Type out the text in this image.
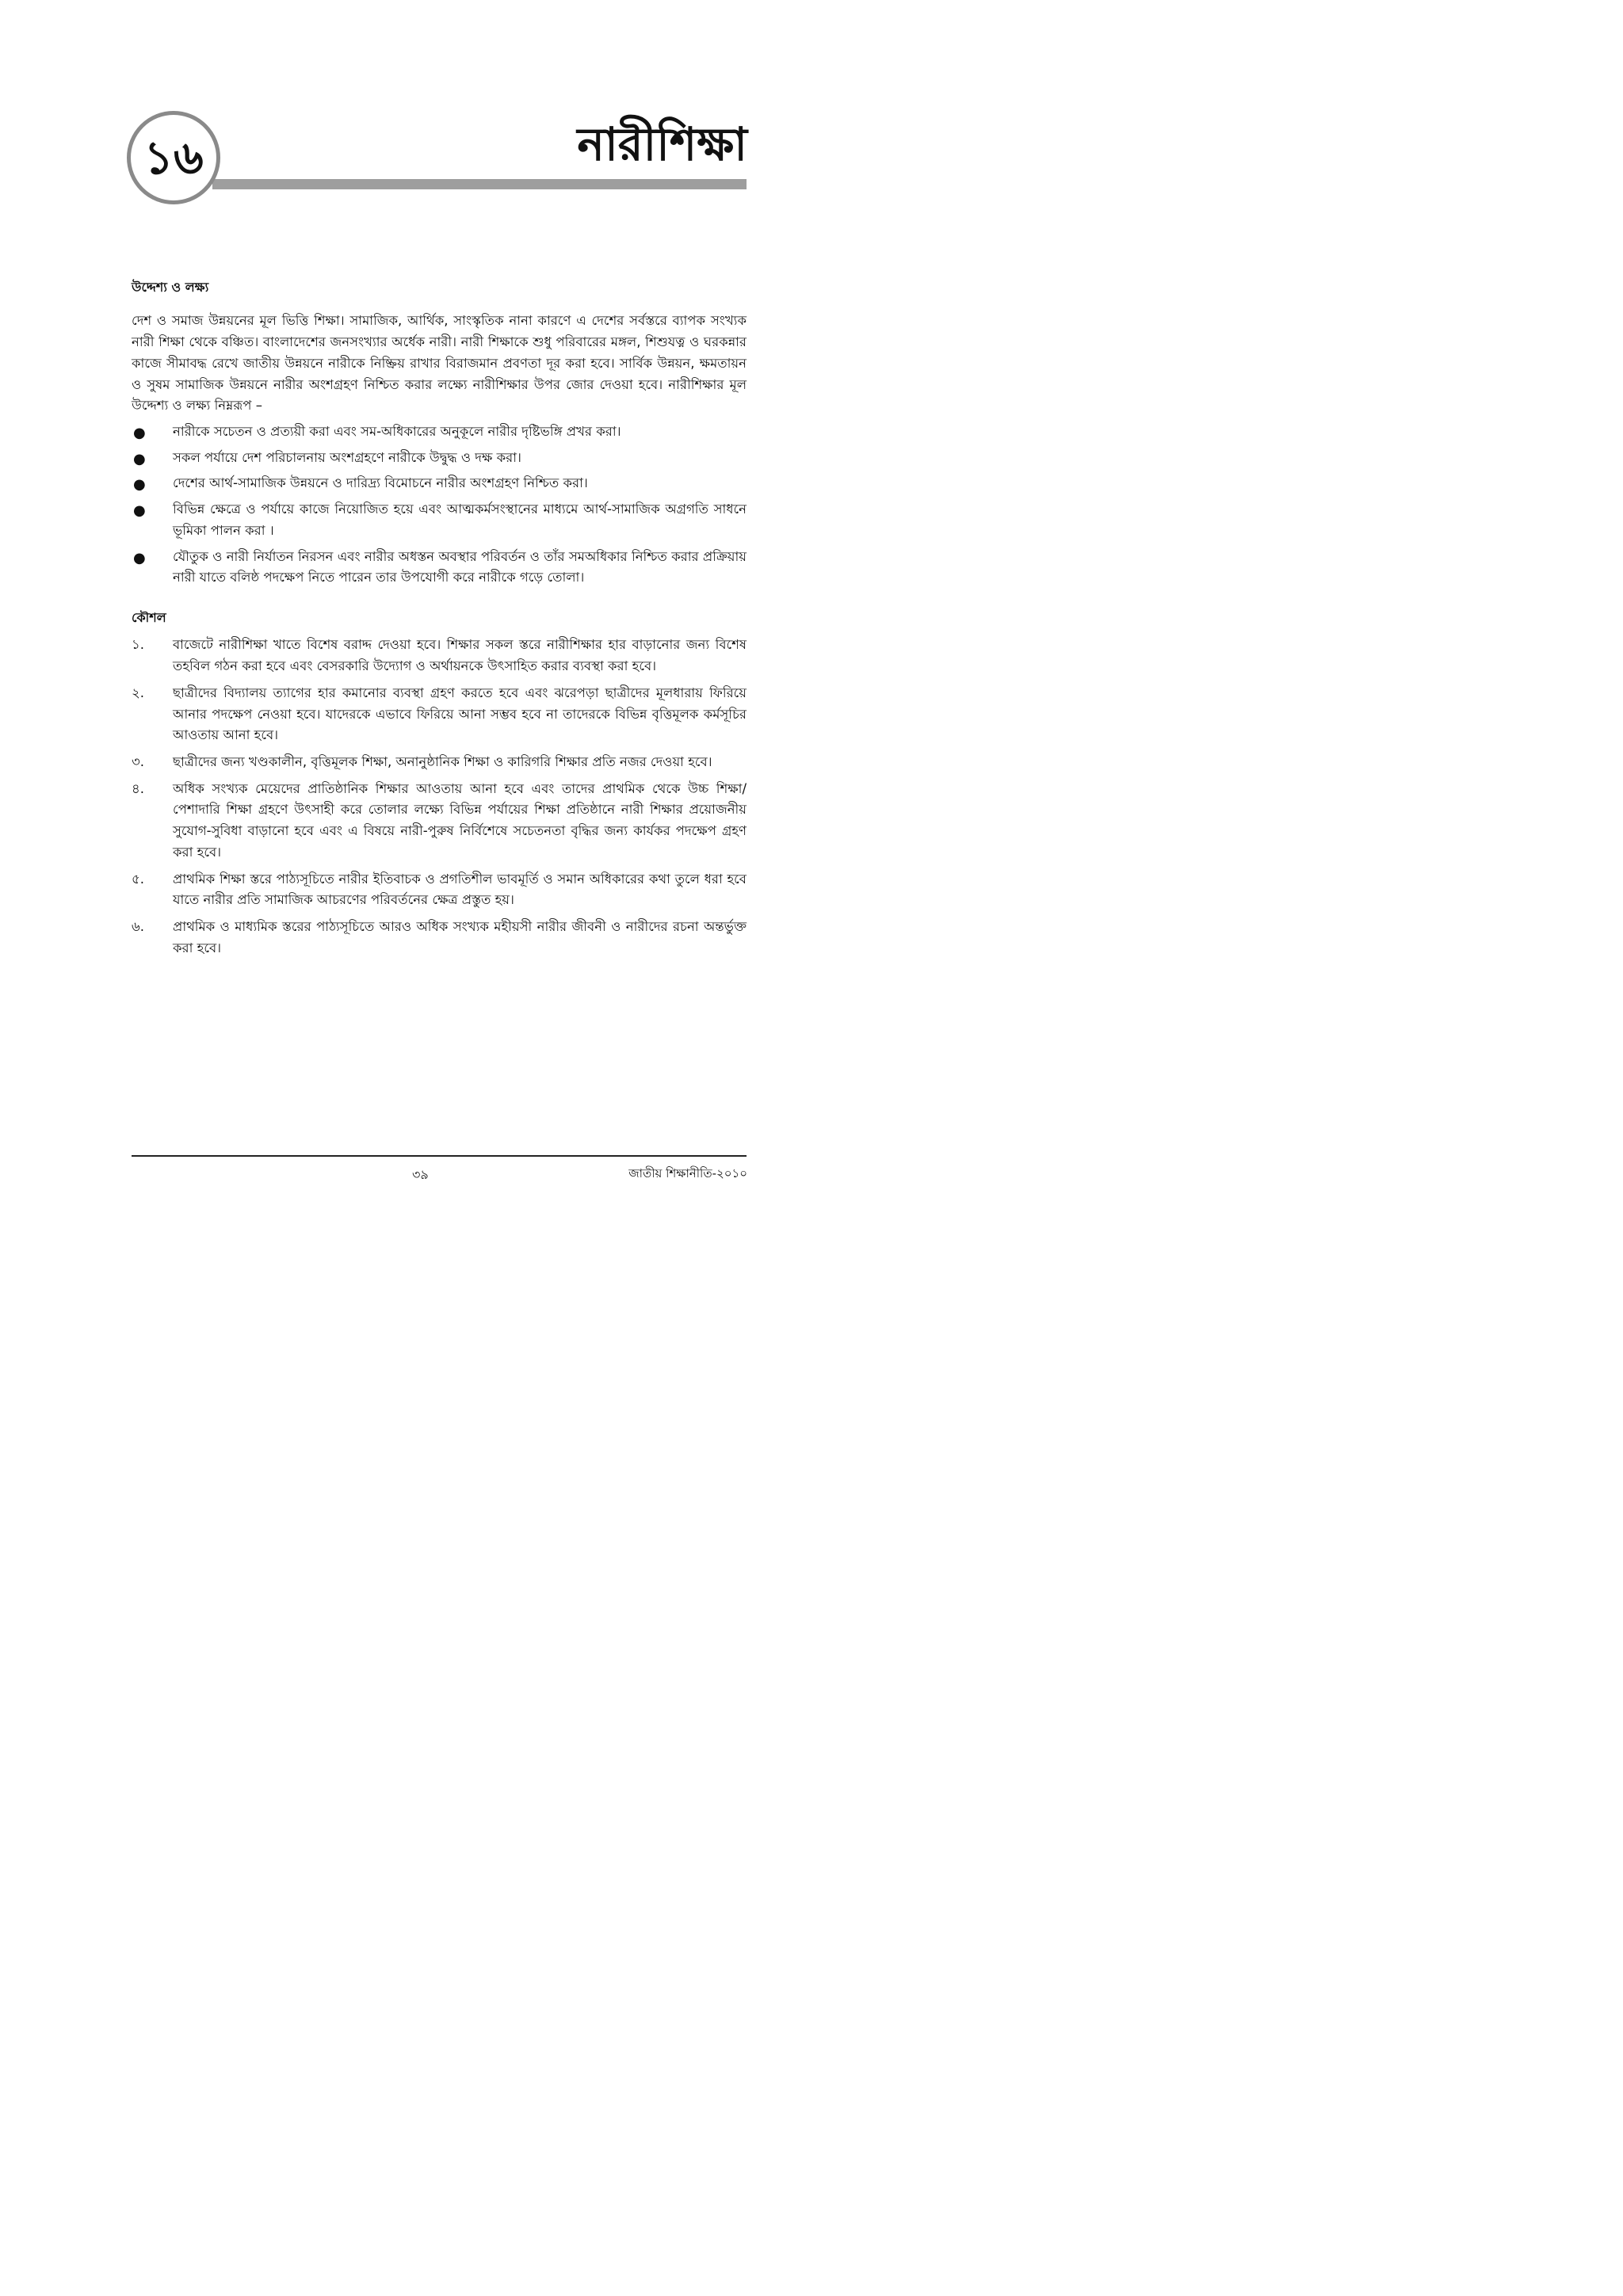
১৬	নারীশিক্ষা
উদ্দেশ্য ও লক্ষ্য

দেশ ও সমাজ উন্নয়নের মূল ভিত্তি শিক্ষা। সামাজিক, আর্থিক, সাংস্কৃতিক নানা কারণে এ দেশের সর্বস্তরে ব্যাপক সংখ্যক নারী শিক্ষা থেকে বঞ্চিত। বাংলাদেশের জনসংখ্যার অর্ধেক নারী। নারী শিক্ষাকে শুধু পরিবারের মঙ্গল, শিশুযত্ন ও ঘরকন্নার কাজে সীমাবদ্ধ রেখে জাতীয় উন্নয়নে নারীকে নিষ্ক্রিয় রাখার বিরাজমান প্রবণতা দূর করা হবে। সার্বিক উন্নয়ন, ক্ষমতায়ন ও সুষম সামাজিক উন্নয়নে নারীর অংশগ্রহণ নিশ্চিত করার লক্ষ্যে নারীশিক্ষার উপর জোর দেওয়া হবে। নারীশিক্ষার মূল উদ্দেশ্য ও লক্ষ্য নিম্নরূপ –

● নারীকে সচেতন ও প্রত্যয়ী করা এবং সম-অধিকারের অনুকূলে নারীর দৃষ্টিভঙ্গি প্রখর করা।
● সকল পর্যায়ে দেশ পরিচালনায় অংশগ্রহণে নারীকে উদ্বুদ্ধ ও দক্ষ করা।
● দেশের আর্থ-সামাজিক উন্নয়নে ও দারিদ্র্য বিমোচনে নারীর অংশগ্রহণ নিশ্চিত করা।
● বিভিন্ন ক্ষেত্রে ও পর্যায়ে কাজে নিয়োজিত হয়ে এবং আত্মকর্মসংস্থানের মাধ্যমে আর্থ-সামাজিক অগ্রগতি সাধনে ভূমিকা পালন করা ।
● যৌতুক ও নারী নির্যাতন নিরসন এবং নারীর অধস্তন অবস্থার পরিবর্তন ও তাঁর সমঅধিকার নিশ্চিত করার প্রক্রিয়ায় নারী যাতে বলিষ্ঠ পদক্ষেপ নিতে পারেন তার উপযোগী করে নারীকে গড়ে তোলা।
কৌশল
১. বাজেটে নারীশিক্ষা খাতে বিশেষ বরাদ্দ দেওয়া হবে। শিক্ষার সকল স্তরে নারীশিক্ষার হার বাড়ানোর জন্য বিশেষ তহবিল গঠন করা হবে এবং বেসরকারি উদ্যোগ ও অর্থায়নকে উৎসাহিত করার ব্যবস্থা করা হবে।
২. ছাত্রীদের বিদ্যালয় ত্যাগের হার কমানোর ব্যবস্থা গ্রহণ করতে হবে এবং ঝরেপড়া ছাত্রীদের মূলধারায় ফিরিয়ে আনার পদক্ষেপ নেওয়া হবে। যাদেরকে এভাবে ফিরিয়ে আনা সম্ভব হবে না তাদেরকে বিভিন্ন বৃত্তিমূলক কর্মসূচির আওতায় আনা হবে।
৩. ছাত্রীদের জন্য খণ্ডকালীন, বৃত্তিমূলক শিক্ষা, অনানুষ্ঠানিক শিক্ষা ও কারিগরি শিক্ষার প্রতি নজর দেওয়া হবে।
৪. অধিক সংখ্যক মেয়েদের প্রাতিষ্ঠানিক শিক্ষার আওতায় আনা হবে এবং তাদের প্রাথমিক থেকে উচ্চ শিক্ষা/পেশাদারি শিক্ষা গ্রহণে উৎসাহী করে তোলার লক্ষ্যে বিভিন্ন পর্যায়ের শিক্ষা প্রতিষ্ঠানে নারী শিক্ষার প্রয়োজনীয় সুযোগ-সুবিধা বাড়ানো হবে এবং এ বিষয়ে নারী-পুরুষ নির্বিশেষে সচেতনতা বৃদ্ধির জন্য কার্যকর পদক্ষেপ গ্রহণ করা হবে।
৫. প্রাথমিক শিক্ষা স্তরে পাঠ্যসূচিতে নারীর ইতিবাচক ও প্রগতিশীল ভাবমূর্তি ও সমান অধিকারের কথা তুলে ধরা হবে যাতে নারীর প্রতি সামাজিক আচরণের পরিবর্তনের ক্ষেত্র প্রস্তুত হয়।
৬. প্রাথমিক ও মাধ্যমিক স্তরের পাঠ্যসূচিতে আরও অধিক সংখ্যক মহীয়সী নারীর জীবনী ও নারীদের রচনা অন্তর্ভুক্ত করা হবে।
৩৯	জাতীয় শিক্ষানীতি-২০১০
